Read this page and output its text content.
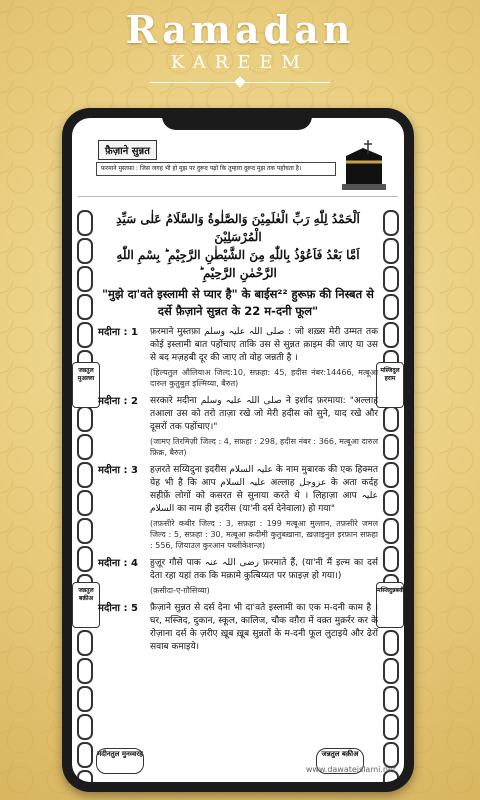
Ramadan
KAREEM
फ़ैज़ाने सुन्नत
फ़रमाने मुस्तफ़ा : जिस जगह भी हो मुझ पर दुरूद पढ़ो कि तुम्हारा दुरूद मुझ तक पहोंचता है।
जन्नतुल मुअल्ला
जन्नतुल बक़ीअ
मस्जिदुल हराम
मस्जिदुन्नबवी
اَلْحَمْدُ لِلّٰهِ رَبِّ الْعٰلَمِیْنَ وَالصَّلٰوةُ وَالسَّلَامُ عَلٰى سَیِّدِ الْمُرْسَلِیْنَ
اَمَّا بَعْدُ فَاَعُوْذُ بِاللّٰهِ مِنَ الشَّیْطٰنِ الرَّجِیْمِ ؕ بِسْمِ اللّٰهِ الرَّحْمٰنِ الرَّحِیْمِ ؕ
"मुझे दा'वते इस्लामी से प्यार है" के बाईस²² हुरूफ़ की निस्बत से दर्से फ़ैज़ाने सुन्नत के 22 म-दनी फूल"
मदीना : 1	फ़रमाने मुस्तफ़ा صلی اللہ علیہ وسلم : जो शख़्स मेरी उम्मत तक कोई इस्लामी बात पहोंचाए ताकि उस से सुन्नत क़ाइम की जाए या उस से बद मज़हबी दूर की जाए तो वोह जन्नती है ।
(हिल्यतुल औलियाअ जिल्द:10, सफ़हा: 45, हदीस नंबर:14466, मत्बूआ दारुल कुतुबुल इल्मिय्या, बैरुत)
मदीना : 2	सरकारे मदीना صلی اللہ علیہ وسلم ने इर्शाद फ़रमाया: "अल्लाह तआला उस को तरो ताज़ा रखे जो मेरी हदीस को सुने, याद रखे और दूसरों तक पहोंचाए।"
(जामए तिरमिज़ी जिल्द : 4, सफ़हा : 298, हदीस नंबर : 366, मत्बूआ दारुल फ़िक्र, बैरुत)
मदीना : 3	हज़रते सय्यिदुना इदरीस علیہ السلام के नाम मुबारक की एक हिक्मत येह भी है कि आप علیہ السلام अल्लाह عزوجل के अता कर्दह सहीफ़ें लोगों को कसरत से सुनाया करते थे । लिहाज़ा आप علیہ السلام का नाम ही इदरीस (या'नी दर्स देनेवाला) हो गया"
(तफ़सीरे कबीर जिल्द : 3, सफ़हा : 199 मत्बूआ मुल्तान, तफ़सीरे जमल जिल्द : 5, सफ़हा : 30, मत्बूआ क़दीमी कुतुबख़ाना, ख़ज़ाइनुल इरफ़ान सफ़हा : 556, ज़ियाउल कुरआन पब्लीकेशन्ज़)
मदीना : 4	हुज़ूर गौसे पाक رضی اللہ عنہ फ़रमाते हैं, (या'नी मैं इल्म का दर्स देता रहा यहां तक कि मक़ामे कुत्बिय्यत पर फ़ाइज़ हो गया।)
(क़सीदा-ए-ग़ौसिय्या)
मदीना : 5	फ़ैज़ाने सुन्नत से दर्स देना भी दा'वते इस्लामी का एक म-दनी काम है । घर, मस्जिद, दुकान, स्कूल, कालिज, चौक वग़ैरा में वक़्त मुक़र्रर कर के रोज़ाना दर्स के ज़रीए ख़ूब ख़ूब सुन्नतों के म-दनी फूल लुटाइये और ढेरों सवाब कमाइये।
मदीनतुल मुनव्वरह	जन्नतुल बक़ीअ
www.dawateislami.net
